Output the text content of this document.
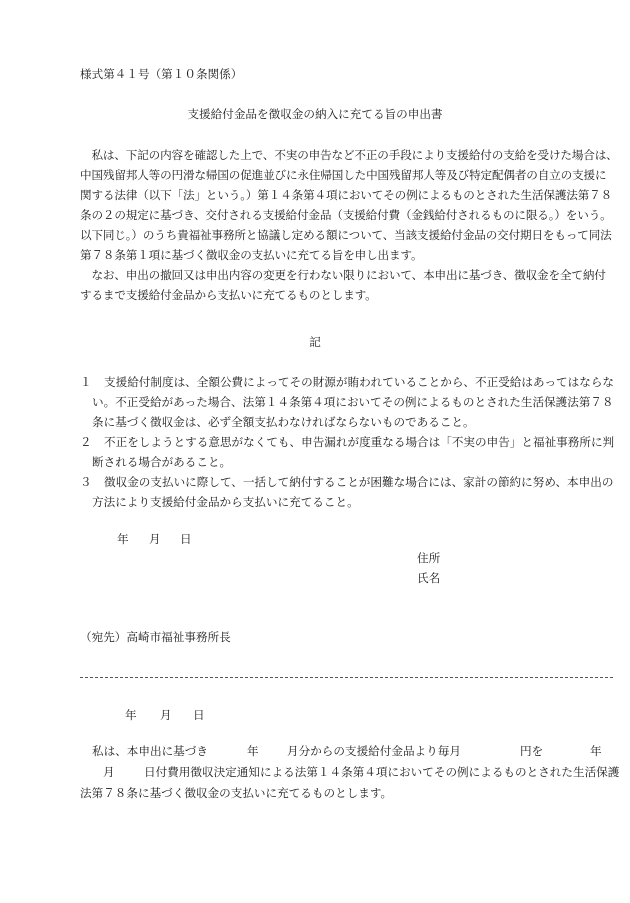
様式第４１号（第１０条関係）
支援給付金品を徴収金の納入に充てる旨の申出書
　私は、下記の内容を確認した上で、不実の申告など不正の手段により支援給付の支給を受けた場合は、
中国残留邦人等の円滑な帰国の促進並びに永住帰国した中国残留邦人等及び特定配偶者の自立の支援に
関する法律（以下「法」という。）第１４条第４項においてその例によるものとされた生活保護法第７８
条の２の規定に基づき、交付される支援給付金品（支援給付費（金銭給付されるものに限る。）をいう。
以下同じ。）のうち貴福祉事務所と協議し定める額について、当該支援給付金品の交付期日をもって同法
第７８条第１項に基づく徴収金の支払いに充てる旨を申し出ます。
　なお、申出の撤回又は申出内容の変更を行わない限りにおいて、本申出に基づき、徴収金を全て納付
するまで支援給付金品から支払いに充てるものとします。
記
１ 支援給付制度は、全額公費によってその財源が賄われていることから、不正受給はあってはならな
い。不正受給があった場合、法第１４条第４項においてその例によるものとされた生活保護法第７８
条に基づく徴収金は、必ず全額支払わなければならないものであること。
２ 不正をしようとする意思がなくても、申告漏れが度重なる場合は「不実の申告」と福祉事務所に判
断される場合があること。
３ 徴収金の支払いに際して、一括して納付することが困難な場合には、家計の節約に努め、本申出の
方法により支援給付金品から支払いに充てること。
年 月 日
住所
氏名
（宛先）高崎市福祉事務所長
年 月 日
私は、本申出に基づき	年 月分からの支援給付金品より毎月	円を	年
月	日付費用徴収決定通知による法第１４条第４項においてその例によるものとされた生活保護
法第７８条に基づく徴収金の支払いに充てるものとします。
